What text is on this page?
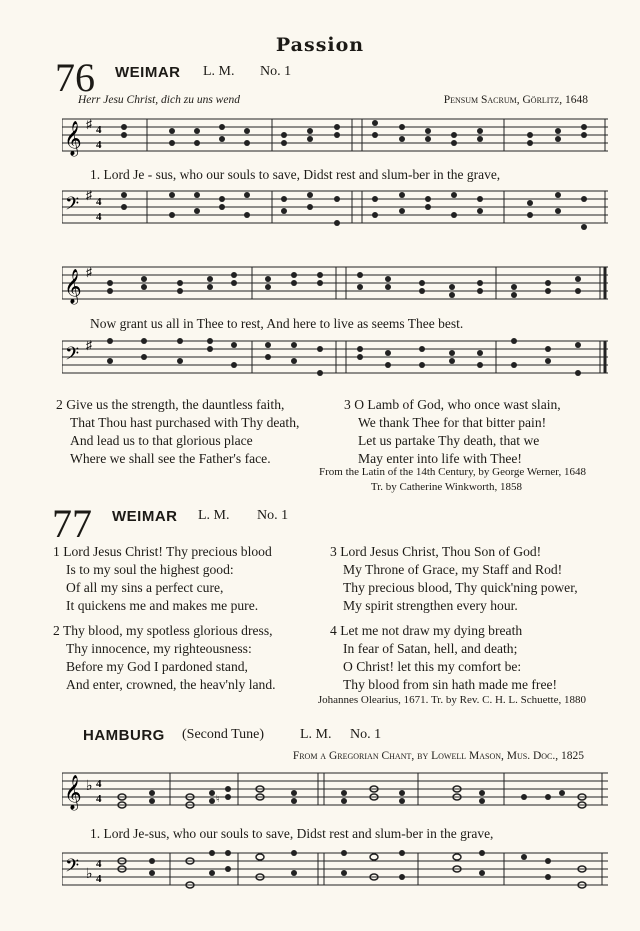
Passion
76 WEIMAR L. M. No. 1
Herr Jesu Christ, dich zu uns wend	Pensum Sacrum, Görlitz, 1648
𝄞 ♯ 4
4
1. Lord Je - sus, who our souls to save, Didst rest and slum-ber in the grave,
𝄢 ♯ 4
4
𝄞 ♯
Now grant us all in Thee to rest, And here to live as seems Thee best.
𝄢 ♯
2 Give us the strength, the dauntless faith,
That Thou hast purchased with Thy death,
And lead us to that glorious place
Where we shall see the Father's face.
3 O Lamb of God, who once wast slain,
We thank Thee for that bitter pain!
Let us partake Thy death, that we
May enter into life with Thee!
From the Latin of the 14th Century, by George Werner, 1648
Tr. by Catherine Winkworth, 1858
77 WEIMAR L. M. No. 1
1 Lord Jesus Christ! Thy precious blood
Is to my soul the highest good:
Of all my sins a perfect cure,
It quickens me and makes me pure.
3 Lord Jesus Christ, Thou Son of God!
My Throne of Grace, my Staff and Rod!
Thy precious blood, Thy quick'ning power,
My spirit strengthen every hour.
2 Thy blood, my spotless glorious dress,
Thy innocence, my righteousness:
Before my God I pardoned stand,
And enter, crowned, the heav'nly land.
4 Let me not draw my dying breath
In fear of Satan, hell, and death;
O Christ! let this my comfort be:
Thy blood from sin hath made me free!
Johannes Olearius, 1671. Tr. by Rev. C. H. L. Schuette, 1880
HAMBURG (Second Tune)	L. M. No. 1
From a Gregorian Chant, by Lowell Mason, Mus. Doc., 1825
𝄞 ♭ 4
4	♮
1. Lord Je-sus, who our souls to save, Didst rest and slum-ber in the grave,
𝄢 ♭
4
4
